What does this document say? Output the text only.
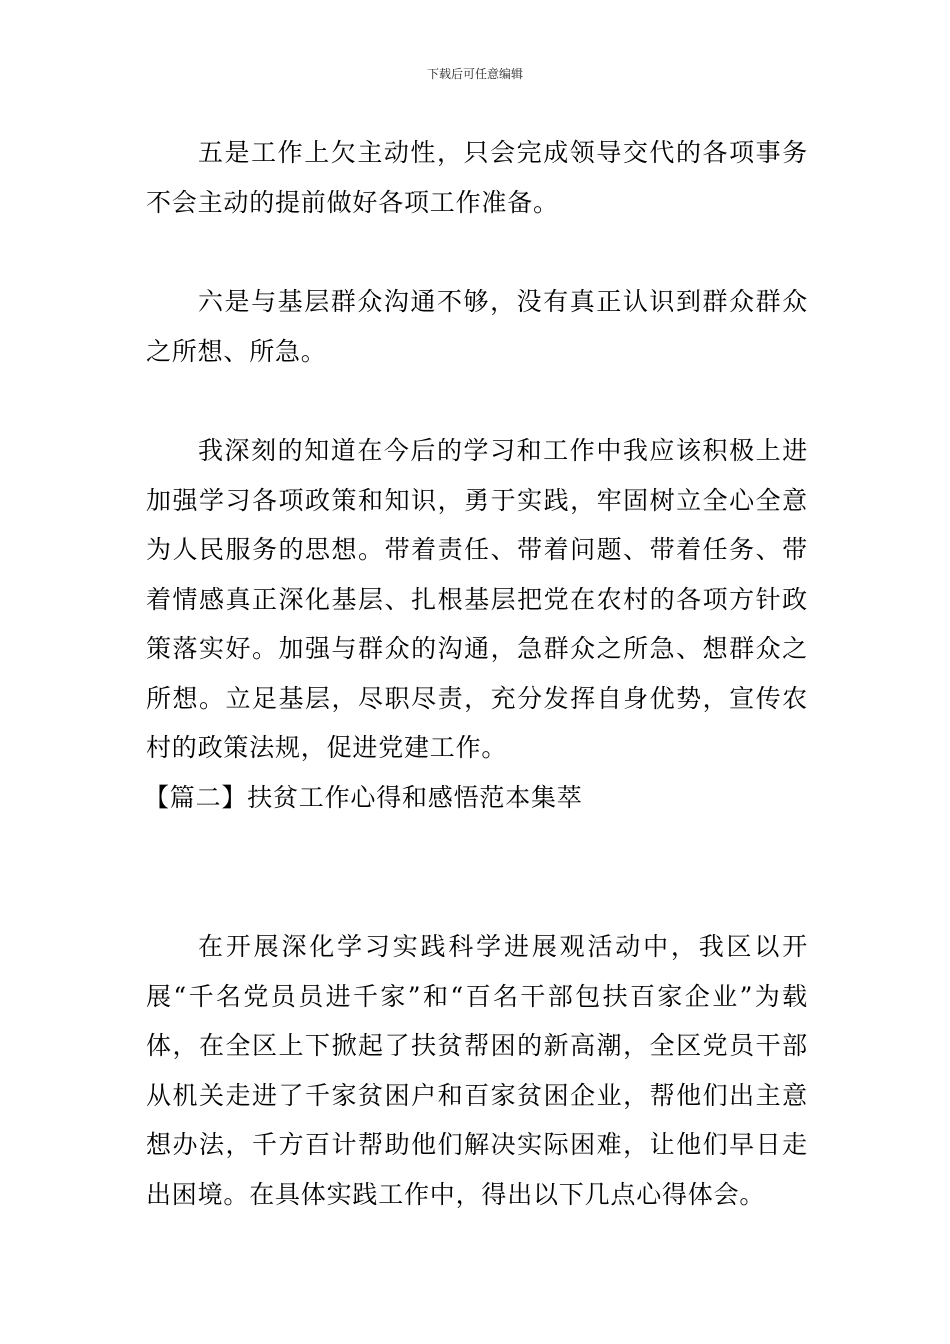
下载后可任意编辑

五是工作上欠主动性，只会完成领导交代的各项事务不会主动的提前做好各项工作准备。

六是与基层群众沟通不够，没有真正认识到群众群众之所想、所急。

我深刻的知道在今后的学习和工作中我应该积极上进加强学习各项政策和知识，勇于实践，牢固树立全心全意为人民服务的思想。带着责任、带着问题、带着任务、带着情感真正深化基层、扎根基层把党在农村的各项方针政策落实好。加强与群众的沟通，急群众之所急、想群众之所想。立足基层，尽职尽责，充分发挥自身优势，宣传农村的政策法规，促进党建工作。

【篇二】扶贫工作心得和感悟范本集萃

在开展深化学习实践科学进展观活动中，我区以开展“千名党员员进千家”和“百名干部包扶百家企业”为载体，在全区上下掀起了扶贫帮困的新高潮，全区党员干部从机关走进了千家贫困户和百家贫困企业，帮他们出主意想办法，千方百计帮助他们解决实际困难，让他们早日走出困境。在具体实践工作中，得出以下几点心得体会。
